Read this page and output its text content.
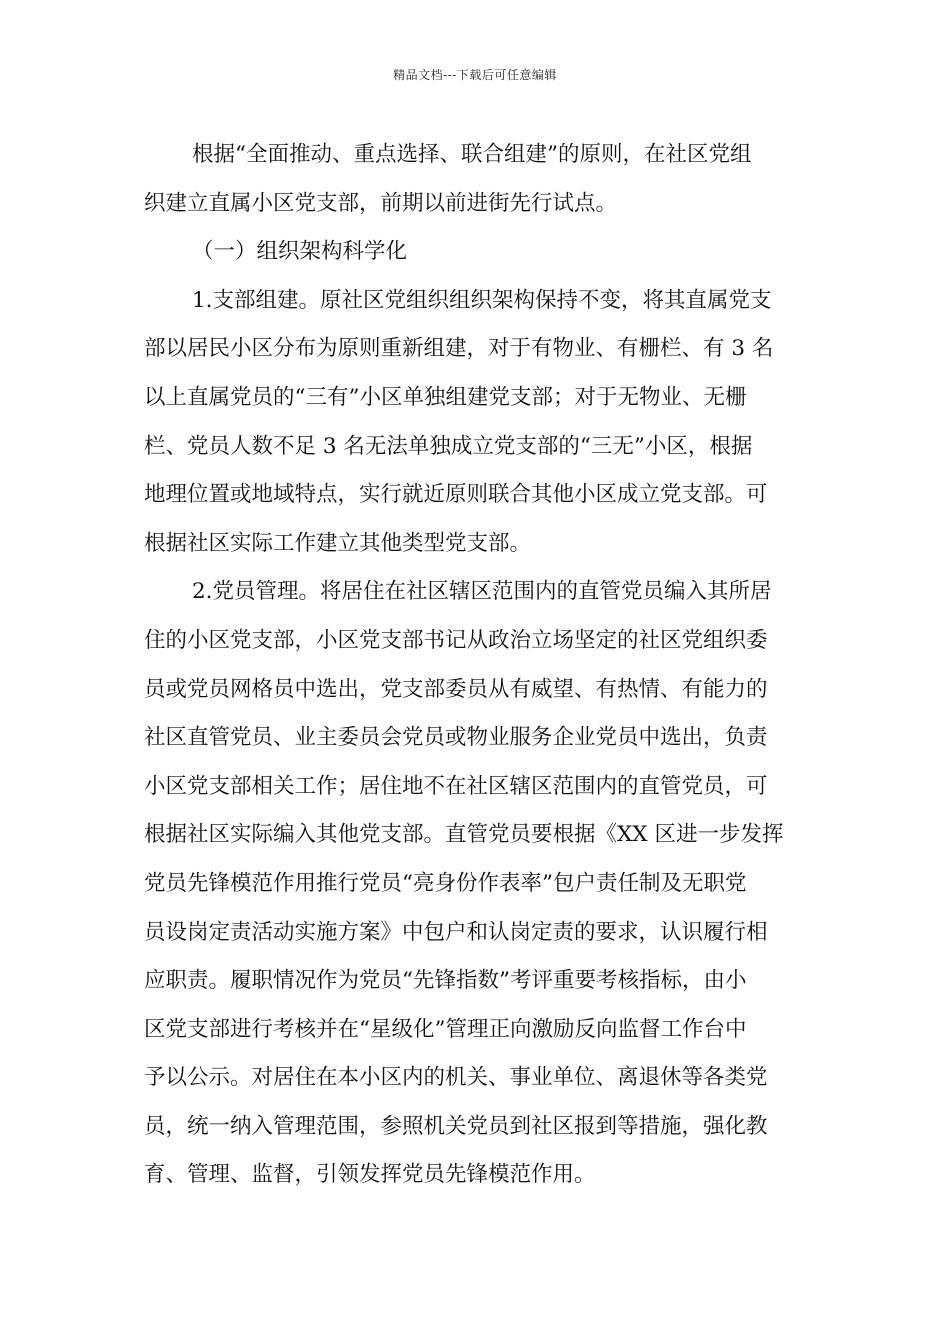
精品文档---下载后可任意编辑
根据“全面推动、重点选择、联合组建”的原则，在社区党组
织建立直属小区党支部，前期以前进街先行试点。
（一）组织架构科学化
1.支部组建。原社区党组织组织架构保持不变，将其直属党支
部以居民小区分布为原则重新组建，对于有物业、有栅栏、有 3 名
以上直属党员的“三有”小区单独组建党支部；对于无物业、无栅
栏、党员人数不足 3 名无法单独成立党支部的“三无”小区，根据
地理位置或地域特点，实行就近原则联合其他小区成立党支部。可
根据社区实际工作建立其他类型党支部。
2.党员管理。将居住在社区辖区范围内的直管党员编入其所居
住的小区党支部，小区党支部书记从政治立场坚定的社区党组织委
员或党员网格员中选出，党支部委员从有威望、有热情、有能力的
社区直管党员、业主委员会党员或物业服务企业党员中选出，负责
小区党支部相关工作；居住地不在社区辖区范围内的直管党员，可
根据社区实际编入其他党支部。直管党员要根据《XX 区进一步发挥
党员先锋模范作用推行党员“亮身份作表率”包户责任制及无职党
员设岗定责活动实施方案》中包户和认岗定责的要求，认识履行相
应职责。履职情况作为党员“先锋指数”考评重要考核指标，由小
区党支部进行考核并在“星级化”管理正向激励反向监督工作台中
予以公示。对居住在本小区内的机关、事业单位、离退休等各类党
员，统一纳入管理范围，参照机关党员到社区报到等措施，强化教
育、管理、监督，引领发挥党员先锋模范作用。
